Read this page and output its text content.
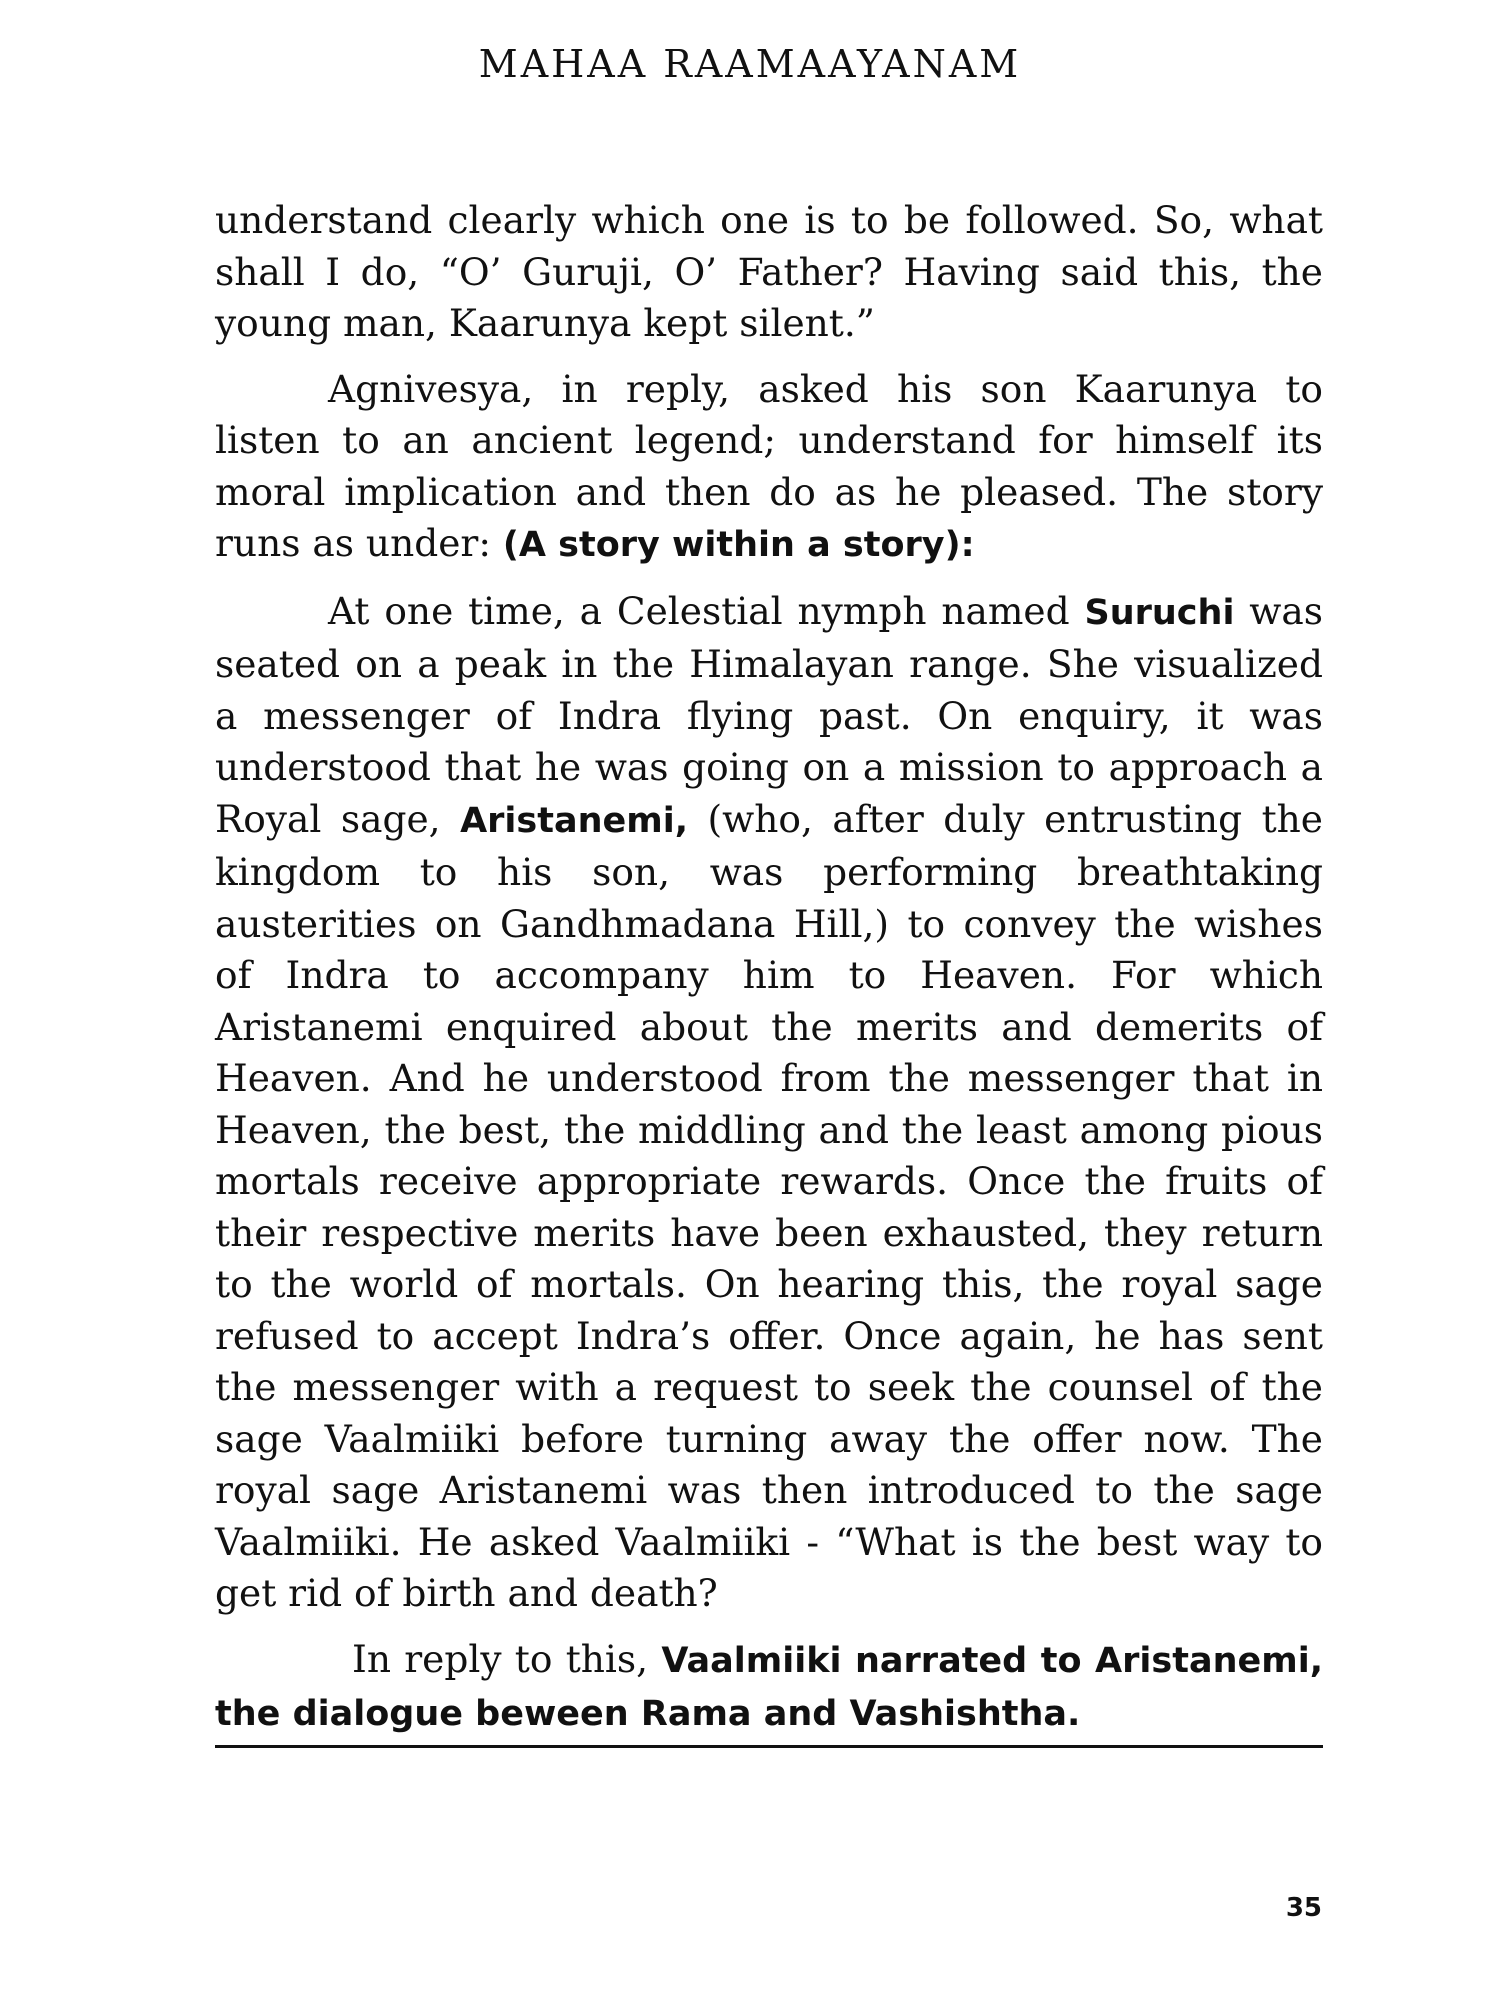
MAHAA RAAMAAYANAM

understand clearly which one is to be followed. So, what shall I do, “O’ Guruji, O’ Father? Having said this, the young man, Kaarunya kept silent.”

Agnivesya, in reply, asked his son Kaarunya to listen to an ancient legend; understand for himself its moral implication and then do as he pleased. The story runs as under: (A story within a story):

At one time, a Celestial nymph named Suruchi was seated on a peak in the Himalayan range. She visualized a messenger of Indra flying past. On enquiry, it was understood that he was going on a mission to approach a Royal sage, Aristanemi, (who, after duly entrusting the kingdom to his son, was performing breathtaking austerities on Gandhmadana Hill,) to convey the wishes of Indra to accompany him to Heaven. For which Aristanemi enquired about the merits and demerits of Heaven. And he understood from the messenger that in Heaven, the best, the middling and the least among pious mortals receive appropriate rewards. Once the fruits of their respective merits have been exhausted, they return to the world of mortals. On hearing this, the royal sage refused to accept Indra’s offer. Once again, he has sent the messenger with a request to seek the counsel of the sage Vaalmiiki before turning away the offer now. The royal sage Aristanemi was then introduced to the sage Vaalmiiki. He asked Vaalmiiki - “What is the best way to get rid of birth and death?

In reply to this, Vaalmiiki narrated to Aristanemi, the dialogue beween Rama and Vashishtha.

35
